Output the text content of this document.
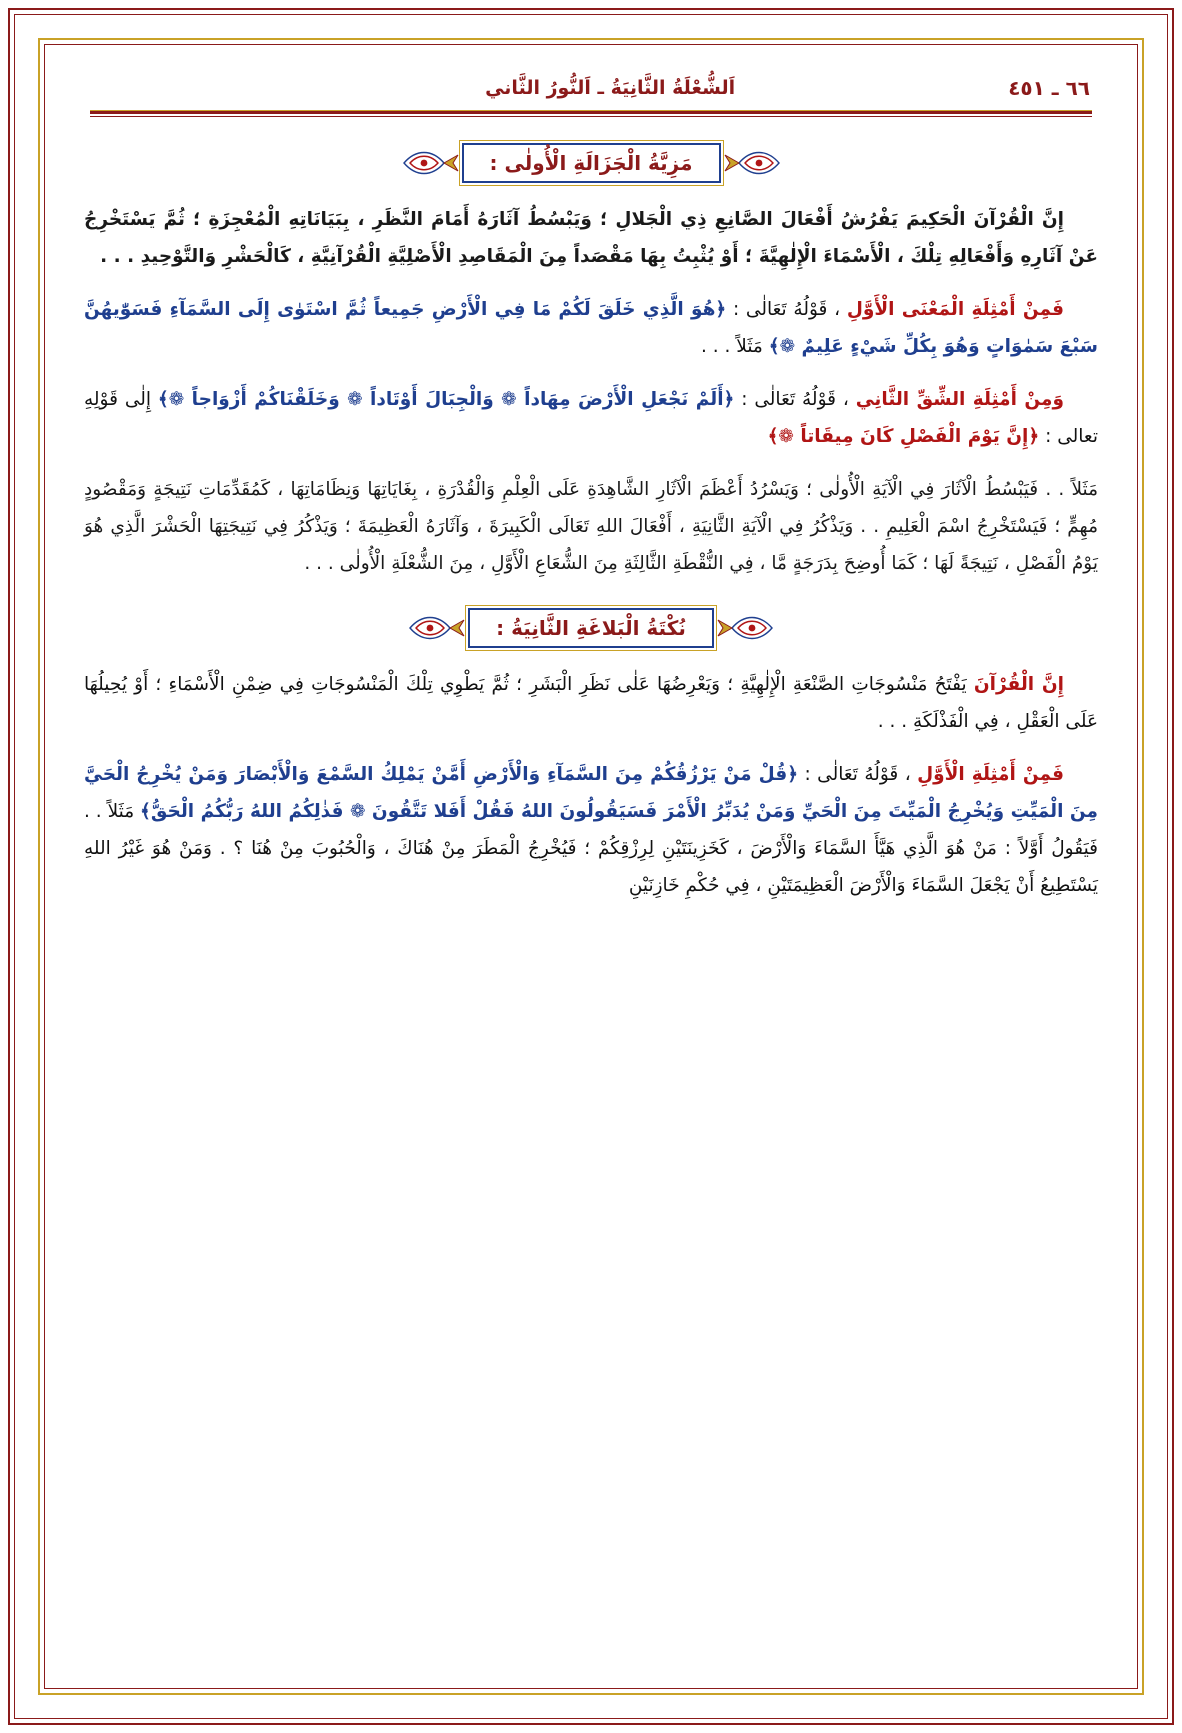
٦٦ ـ ٤٥١
اَلشُّعْلَةُ الثَّانِيَةُ ـ اَلنُّورُ الثَّاني
مَزِيَّةُ الْجَزَالَةِ الْأُولٰى :

إِنَّ الْقُرْآنَ الْحَكِيمَ يَفْرُشُ أَفْعَالَ الصَّانِعِ ذِي الْجَلالِ ؛ وَيَبْسُطُ آثَارَهُ أَمَامَ النَّظَرِ ، بِبَيَانَاتِهِ الْمُعْجِزَةِ ؛ ثُمَّ يَسْتَخْرِجُ عَنْ آثَارِهِ وَأَفْعَالِهِ تِلْكَ ، الْأَسْمَاءَ الْإِلٰهِيَّةَ ؛ أَوْ يُثْبِتُ بِهَا مَقْصَداً مِنَ الْمَقَاصِدِ الْأَصْلِيَّةِ الْقُرْآنِيَّةِ ، كَالْحَشْرِ وَالتَّوْحِيدِ . . .

فَمِنْ أَمْثِلَةِ الْمَعْنَى الْأَوَّلِ ، قَوْلُهُ تَعَالٰى : ﴿هُوَ الَّذِي خَلَقَ لَكُمْ مَا فِي الْأَرْضِ جَمِيعاً ثُمَّ اسْتَوٰى إِلَى السَّمَآءِ فَسَوّٰيهُنَّ سَبْعَ سَمٰوَاتٍ وَهُوَ بِكُلِّ شَيْءٍ عَلِيمٌ ❁﴾ مَثَلاً . . .

وَمِنْ أَمْثِلَةِ الشِّقِّ الثَّانِي ، قَوْلُهُ تَعَالٰى : ﴿أَلَمْ نَجْعَلِ الْأَرْضَ مِهَاداً ❁ وَالْجِبَالَ أَوْتَاداً ❁ وَخَلَقْنَاكُمْ أَزْوَاجاً ❁﴾ إِلٰى قَوْلِهِ تعالى : ﴿إِنَّ يَوْمَ الْفَصْلِ كَانَ مِيقَاتاً ❁﴾

مَثَلاً . . فَيَبْسُطُ الْآثَارَ فِي الْآيَةِ الْأُولٰى ؛ وَيَسْرُدُ أَعْظَمَ الْآثَارِ الشَّاهِدَةِ عَلَى الْعِلْمِ وَالْقُدْرَةِ ، بِغَايَاتِهَا وَنِظَامَاتِهَا ، كَمُقَدِّمَاتِ نَتِيجَةٍ وَمَقْصُودٍ مُهِمٍّ ؛ فَيَسْتَخْرِجُ اسْمَ الْعَلِيمِ . . وَيَذْكُرُ فِي الْآيَةِ الثَّانِيَةِ ، أَفْعَالَ اللهِ تَعَالَى الْكَبِيرَةَ ، وَآثَارَهُ الْعَظِيمَةَ ؛ وَيَذْكُرُ فِي نَتِيجَتِهَا الْحَشْرَ الَّذِي هُوَ يَوْمُ الْفَصْلِ ، نَتِيجَةً لَهَا ؛ كَمَا أُوضِحَ بِدَرَجَةٍ مَّا ، فِي النُّقْطَةِ الثَّالِثَةِ مِنَ الشُّعَاعِ الْأَوَّلِ ، مِنَ الشُّعْلَةِ الْأُولٰى . . .

نُكْتَةُ الْبَلاغَةِ الثَّانِيَةُ :

إِنَّ الْقُرْآنَ يَفْتَحُ مَنْسُوجَاتِ الصَّنْعَةِ الْإِلٰهِيَّةِ ؛ وَيَعْرِضُهَا عَلٰى نَظَرِ الْبَشَرِ ؛ ثُمَّ يَطْوِي تِلْكَ الْمَنْسُوجَاتِ فِي ضِمْنِ الْأَسْمَاءِ ؛ أَوْ يُحِيلُهَا عَلَى الْعَقْلِ ، فِي الْفَذْلَكَةِ . . .

فَمِنْ أَمْثِلَةِ الْأَوَّلِ ، قَوْلُهُ تَعَالٰى : ﴿قُلْ مَنْ يَرْزُقُكُمْ مِنَ السَّمَآءِ وَالْأَرْضِ أَمَّنْ يَمْلِكُ السَّمْعَ وَالْأَبْصَارَ وَمَنْ يُخْرِجُ الْحَيَّ مِنَ الْمَيِّتِ وَيُخْرِجُ الْمَيِّتَ مِنَ الْحَيِّ وَمَنْ يُدَبِّرُ الْأَمْرَ فَسَيَقُولُونَ اللهُ فَقُلْ أَفَلا تَتَّقُونَ ❁ فَذٰلِكُمُ اللهُ رَبُّكُمُ الْحَقُّ﴾ مَثَلاً . . فَيَقُولُ أَوَّلاً : مَنْ هُوَ الَّذِي هَيَّأَ السَّمَاءَ وَالْأَرْضَ ، كَخَزِينَتَيْنِ لِرِزْقِكُمْ ؛ فَيُخْرِجُ الْمَطَرَ مِنْ هُنَاكَ ، وَالْحُبُوبَ مِنْ هُنَا ؟ . وَمَنْ هُوَ غَيْرُ اللهِ يَسْتَطِيعُ أَنْ يَجْعَلَ السَّمَاءَ وَالْأَرْضَ الْعَظِيمَتَيْنِ ، فِي حُكْمِ خَازِنَيْنِ
